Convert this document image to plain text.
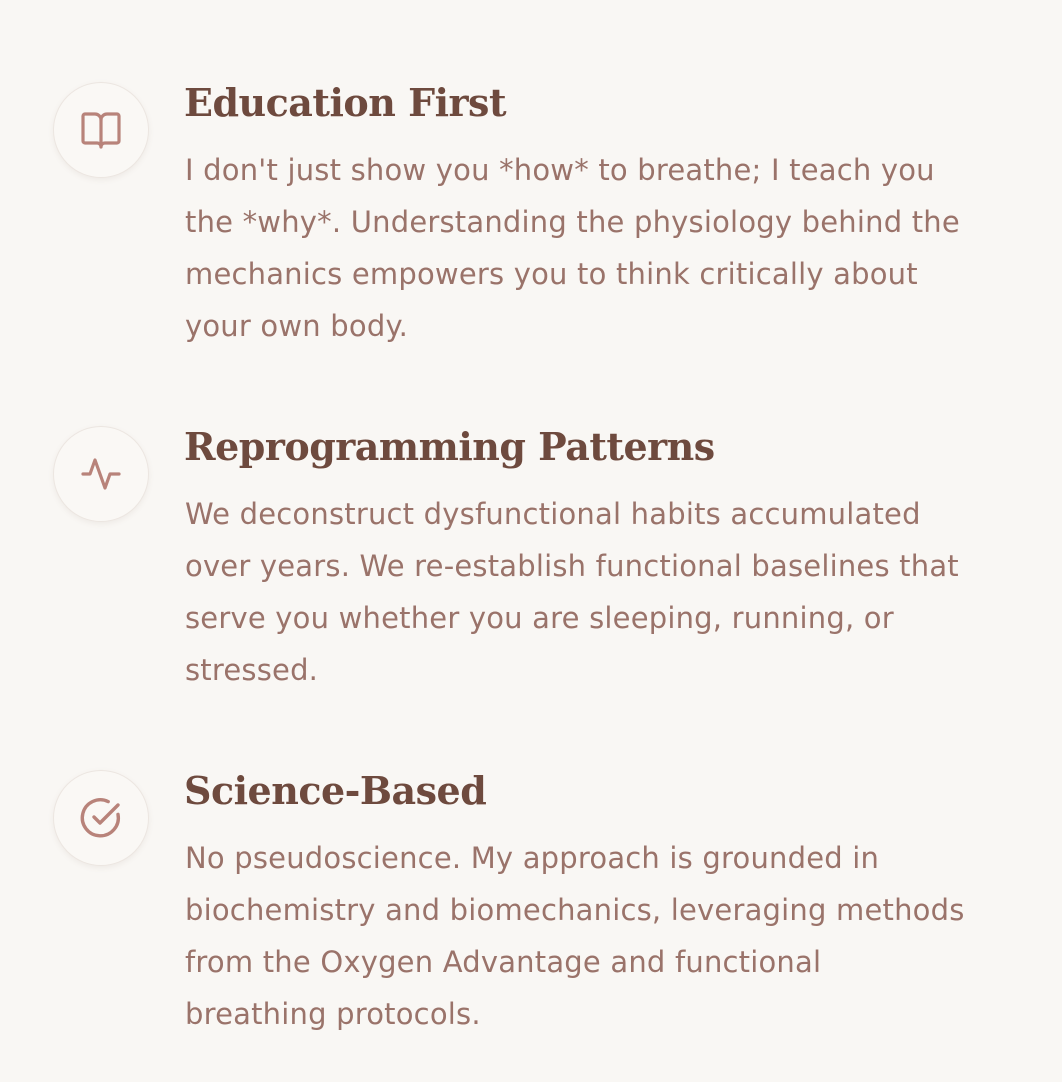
Education First

I don't just show you *how* to breathe; I teach you the *why*. Understanding the physiology behind the mechanics empowers you to think critically about your own body.

Reprogramming Patterns

We deconstruct dysfunctional habits accumulated over years. We re-establish functional baselines that serve you whether you are sleeping, running, or stressed.

Science-Based

No pseudoscience. My approach is grounded in biochemistry and biomechanics, leveraging methods from the Oxygen Advantage and functional breathing protocols.
